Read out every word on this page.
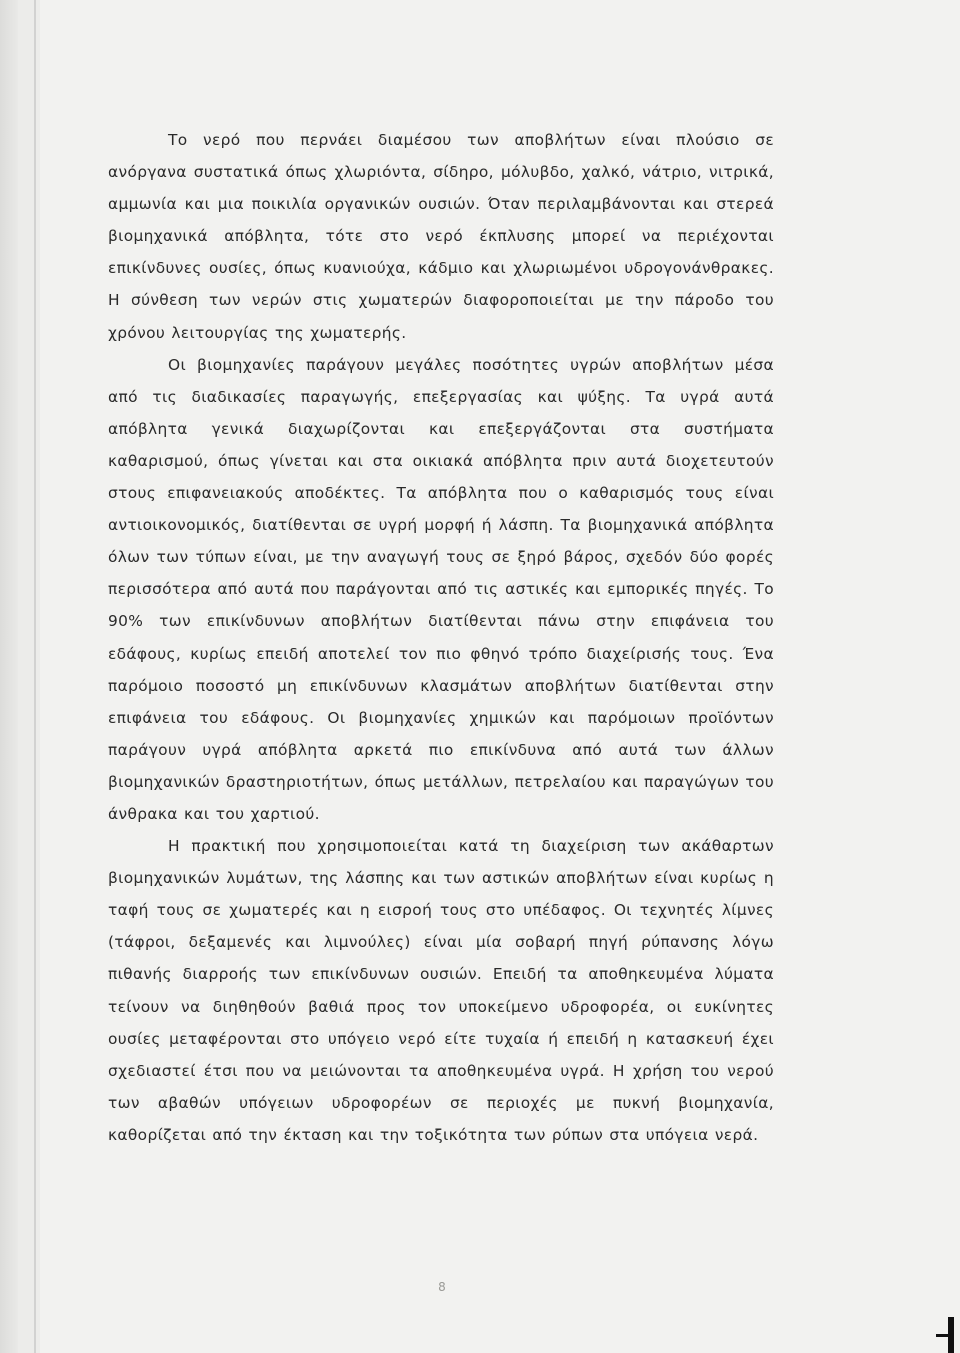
Το νερό που περνάει διαμέσου των αποβλήτων είναι πλούσιο σε ανόργανα συστατικά όπως χλωριόντα, σίδηρο, μόλυβδο, χαλκό, νάτριο, νιτρικά, αμμωνία και μια ποικιλία οργανικών ουσιών. Όταν περιλαμβάνονται και στερεά βιομηχανικά απόβλητα, τότε στο νερό έκπλυσης μπορεί να περιέχονται επικίνδυνες ουσίες, όπως κυανιούχα, κάδμιο και χλωριωμένοι υδρογονάνθρακες. Η σύνθεση των νερών στις χωματερών διαφοροποιείται με την πάροδο του χρόνου λειτουργίας της χωματερής.

Οι βιομηχανίες παράγουν μεγάλες ποσότητες υγρών αποβλήτων μέσα από τις διαδικασίες παραγωγής, επεξεργασίας και ψύξης. Τα υγρά αυτά απόβλητα γενικά διαχωρίζονται και επεξεργάζονται στα συστήματα καθαρισμού, όπως γίνεται και στα οικιακά απόβλητα πριν αυτά διοχετευτούν στους επιφανειακούς αποδέκτες. Τα απόβλητα που ο καθαρισμός τους είναι αντιοικονομικός, διατίθενται σε υγρή μορφή ή λάσπη. Τα βιομηχανικά απόβλητα όλων των τύπων είναι, με την αναγωγή τους σε ξηρό βάρος, σχεδόν δύο φορές περισσότερα από αυτά που παράγονται από τις αστικές και εμπορικές πηγές. Το 90% των επικίνδυνων αποβλήτων διατίθενται πάνω στην επιφάνεια του εδάφους, κυρίως επειδή αποτελεί τον πιο φθηνό τρόπο διαχείρισής τους. Ένα παρόμοιο ποσοστό μη επικίνδυνων κλασμάτων αποβλήτων διατίθενται στην επιφάνεια του εδάφους. Οι βιομηχανίες χημικών και παρόμοιων προϊόντων παράγουν υγρά απόβλητα αρκετά πιο επικίνδυνα από αυτά των άλλων βιομηχανικών δραστηριοτήτων, όπως μετάλλων, πετρελαίου και παραγώγων του άνθρακα και του χαρτιού.

Η πρακτική που χρησιμοποιείται κατά τη διαχείριση των ακάθαρτων βιομηχανικών λυμάτων, της λάσπης και των αστικών αποβλήτων είναι κυρίως η ταφή τους σε χωματερές και η εισροή τους στο υπέδαφος. Οι τεχνητές λίμνες (τάφροι, δεξαμενές και λιμνούλες) είναι μία σοβαρή πηγή ρύπανσης λόγω πιθανής διαρροής των επικίνδυνων ουσιών. Επειδή τα αποθηκευμένα λύματα τείνουν να διηθηθούν βαθιά προς τον υποκείμενο υδροφορέα, οι ευκίνητες ουσίες μεταφέρονται στο υπόγειο νερό είτε τυχαία ή επειδή η κατασκευή έχει σχεδιαστεί έτσι που να μειώνονται τα αποθηκευμένα υγρά. Η χρήση του νερού των αβαθών υπόγειων υδροφορέων σε περιοχές με πυκνή βιομηχανία, καθορίζεται από την έκταση και την τοξικότητα των ρύπων στα υπόγεια νερά.

8
